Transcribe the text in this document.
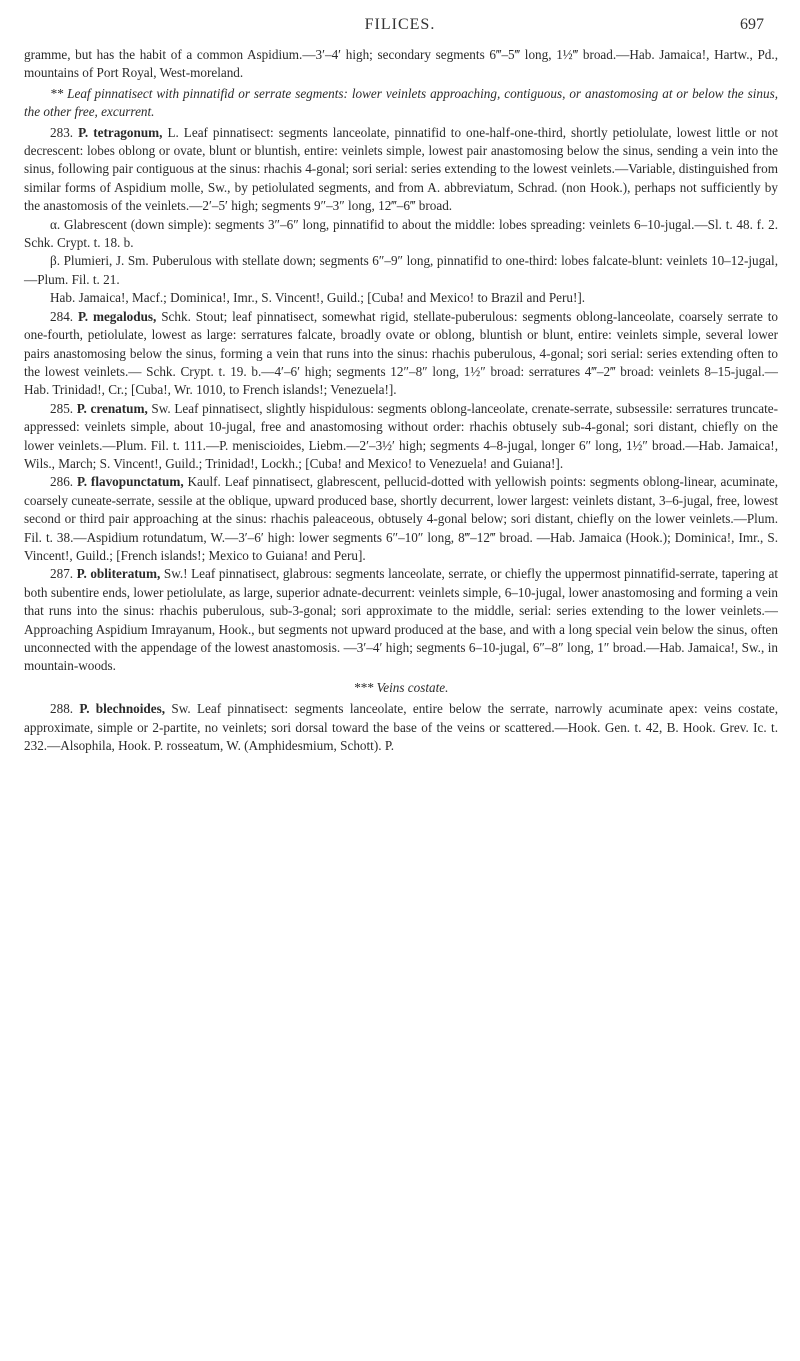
FILICES.	697

gramme, but has the habit of a common Aspidium.—3′–4′ high; secondary segments 6‴–5‴ long, 1½‴ broad.—Hab. Jamaica!, Hartw., Pd., mountains of Port Royal, West-moreland.

** Leaf pinnatisect with pinnatifid or serrate segments: lower veinlets approaching, contiguous, or anastomosing at or below the sinus, the other free, excurrent.

283. P. tetragonum, L. Leaf pinnatisect: segments lanceolate, pinnatifid to one-half-one-third, shortly petiolulate, lowest little or not decrescent: lobes oblong or ovate, blunt or bluntish, entire: veinlets simple, lowest pair anastomosing below the sinus, sending a vein into the sinus, following pair contiguous at the sinus: rhachis 4-gonal; sori serial: series extending to the lowest veinlets.—Variable, distinguished from similar forms of Aspidium molle, Sw., by petiolulated segments, and from A. abbreviatum, Schrad. (non Hook.), perhaps not sufficiently by the anastomosis of the veinlets.—2′–5′ high; segments 9″–3″ long, 12‴–6‴ broad.

α. Glabrescent (down simple): segments 3″–6″ long, pinnatifid to about the middle: lobes spreading: veinlets 6–10-jugal.—Sl. t. 48. f. 2. Schk. Crypt. t. 18. b.

β. Plumieri, J. Sm. Puberulous with stellate down; segments 6″–9″ long, pinnatifid to one-third: lobes falcate-blunt: veinlets 10–12-jugal,—Plum. Fil. t. 21.

Hab. Jamaica!, Macf.; Dominica!, Imr., S. Vincent!, Guild.; [Cuba! and Mexico! to Brazil and Peru!].

284. P. megalodus, Schk. Stout; leaf pinnatisect, somewhat rigid, stellate-puberulous: segments oblong-lanceolate, coarsely serrate to one-fourth, petiolulate, lowest as large: serratures falcate, broadly ovate or oblong, bluntish or blunt, entire: veinlets simple, several lower pairs anastomosing below the sinus, forming a vein that runs into the sinus: rhachis puberulous, 4-gonal; sori serial: series extending often to the lowest veinlets.— Schk. Crypt. t. 19. b.—4′–6′ high; segments 12″–8″ long, 1½″ broad: serratures 4‴–2‴ broad: veinlets 8–15-jugal.—Hab. Trinidad!, Cr.; [Cuba!, Wr. 1010, to French islands!; Venezuela!].

285. P. crenatum, Sw. Leaf pinnatisect, slightly hispidulous: segments oblong-lanceolate, crenate-serrate, subsessile: serratures truncate-appressed: veinlets simple, about 10-jugal, free and anastomosing without order: rhachis obtusely sub-4-gonal; sori distant, chiefly on the lower veinlets.—Plum. Fil. t. 111.—P. meniscioides, Liebm.—2′–3½′ high; segments 4–8-jugal, longer 6″ long, 1½″ broad.—Hab. Jamaica!, Wils., March; S. Vincent!, Guild.; Trinidad!, Lockh.; [Cuba! and Mexico! to Venezuela! and Guiana!].

286. P. flavopunctatum, Kaulf. Leaf pinnatisect, glabrescent, pellucid-dotted with yellowish points: segments oblong-linear, acuminate, coarsely cuneate-serrate, sessile at the oblique, upward produced base, shortly decurrent, lower largest: veinlets distant, 3–6-jugal, free, lowest second or third pair approaching at the sinus: rhachis paleaceous, obtusely 4-gonal below; sori distant, chiefly on the lower veinlets.—Plum. Fil. t. 38.—Aspidium rotundatum, W.—3′–6′ high: lower segments 6″–10″ long, 8‴–12‴ broad. —Hab. Jamaica (Hook.); Dominica!, Imr., S. Vincent!, Guild.; [French islands!; Mexico to Guiana! and Peru].

287. P. obliteratum, Sw.! Leaf pinnatisect, glabrous: segments lanceolate, serrate, or chiefly the uppermost pinnatifid-serrate, tapering at both subentire ends, lower petiolulate, as large, superior adnate-decurrent: veinlets simple, 6–10-jugal, lower anastomosing and forming a vein that runs into the sinus: rhachis puberulous, sub-3-gonal; sori approximate to the middle, serial: series extending to the lower veinlets.—Approaching Aspidium Imrayanum, Hook., but segments not upward produced at the base, and with a long special vein below the sinus, often unconnected with the appendage of the lowest anastomosis. —3′–4′ high; segments 6–10-jugal, 6″–8″ long, 1″ broad.—Hab. Jamaica!, Sw., in mountain-woods.

*** Veins costate.

288. P. blechnoides, Sw. Leaf pinnatisect: segments lanceolate, entire below the serrate, narrowly acuminate apex: veins costate, approximate, simple or 2-partite, no veinlets; sori dorsal toward the base of the veins or scattered.—Hook. Gen. t. 42, B. Hook. Grev. Ic. t. 232.—Alsophila, Hook. P. rosseatum, W. (Amphidesmium, Schott). P.
